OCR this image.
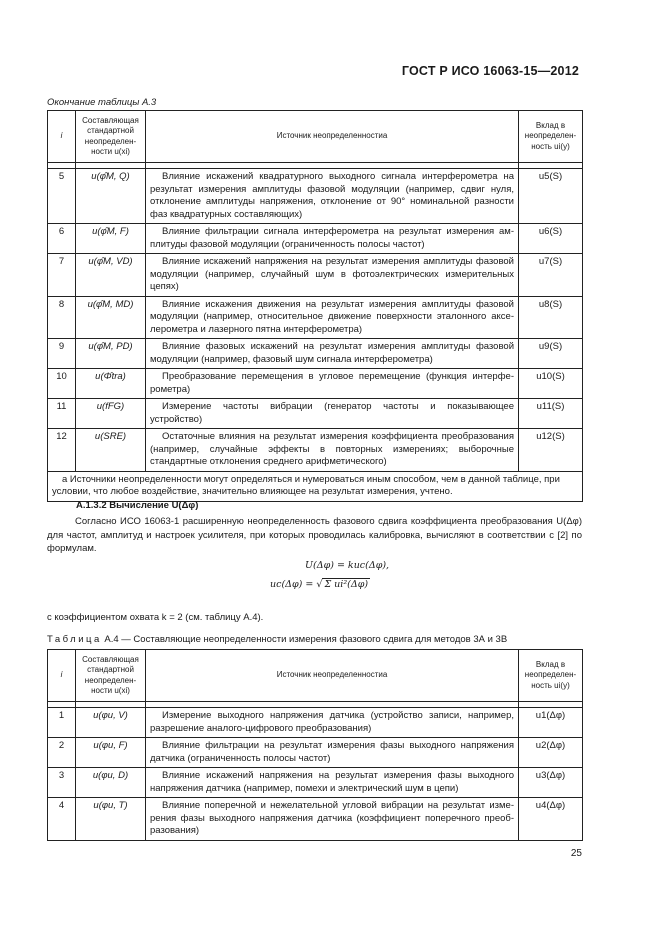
ГОСТ Р ИСО 16063-15—2012
Окончание таблицы А.3
i	Составляющая стандартной неопределенности u(xi)	Источник неопределенностиa	Вклад в неопределенность ui(y)

5	u(φ̂M, Q)	Влияние искажений квадратурного выходного сигнала интерферометра на результат измерения амплитуды фазовой модуляции (например, сдвиг нуля, отклонение амплитуды напряжения, отклонение от 90° номинальной разности фаз квадратурных составляющих)	u5(S)
6	u(φ̂M, F)	Влияние фильтрации сигнала интерферометра на результат измерения амплитуды фазовой модуляции (ограниченность полосы частот)	u6(S)
7	u(φ̂M, VD)	Влияние искажений напряжения на результат измерения амплитуды фазовой модуляции (например, случайный шум в фотоэлектрических измерительных цепях)	u7(S)
8	u(φ̂M, MD)	Влияние искажения движения на результат измерения амплитуды фазовой модуляции (например, относительное движение поверхности эталонного акселерометра и лазерного пятна интерферометра)	u8(S)
9	u(φ̂M, PD)	Влияние фазовых искажений на результат измерения амплитуды фазовой модуляции (например, фазовый шум сигнала интерферометра)	u9(S)
10	u(Φ̂tra)	Преобразование перемещения в угловое перемещение (функция интерферометра)	u10(S)
11	u(fFG)	Измерение частоты вибрации (генератор частоты и показывающее устройство)	u11(S)
12	u(SRE)	Остаточные влияния на результат измерения коэффициента преобразования (например, случайные эффекты в повторных измерениях; выборочные стандартные отклонения среднего арифметического)	u12(S)
a Источники неопределенности могут определяться и нумероваться иным способом, чем в данной таблице, при условии, что любое воздействие, значительно влияющее на результат измерения, учтено.			
А.1.3.2 Вычисление U(Δφ)
Согласно ИСО 16063-1 расширенную неопределенность фазового сдвига коэффициента преобразования U(Δφ) для частот, амплитуд и настроек усилителя, при которых проводилась калибровка, вычисляют в соответствии с [2] по формулам.
U(Δφ) = kuc(Δφ),
uc(Δφ) = √ Σ ui²(Δφ)
с коэффициентом охвата k = 2 (см. таблицу А.4).
Таблица А.4 — Составляющие неопределенности измерения фазового сдвига для методов 3А и 3В
i	Составляющая стандартной неопределенности u(xi)	Источник неопределенностиa	Вклад в неопределенность ui(y)

1	u(φu, V)	Измерение выходного напряжения датчика (устройство записи, например, разрешение аналого-цифрового преобразования)	u1(Δφ)
2	u(φu, F)	Влияние фильтрации на результат измерения фазы выходного напряжения датчика (ограниченность полосы частот)	u2(Δφ)
3	u(φu, D)	Влияние искажений напряжения на результат измерения фазы выходного напряжения датчика (например, помехи и электрический шум в цепи)	u3(Δφ)
4	u(φu, T)	Влияние поперечной и нежелательной угловой вибрации на результат измерения фазы выходного напряжения датчика (коэффициент поперечного преобразования)	u4(Δφ)
25
